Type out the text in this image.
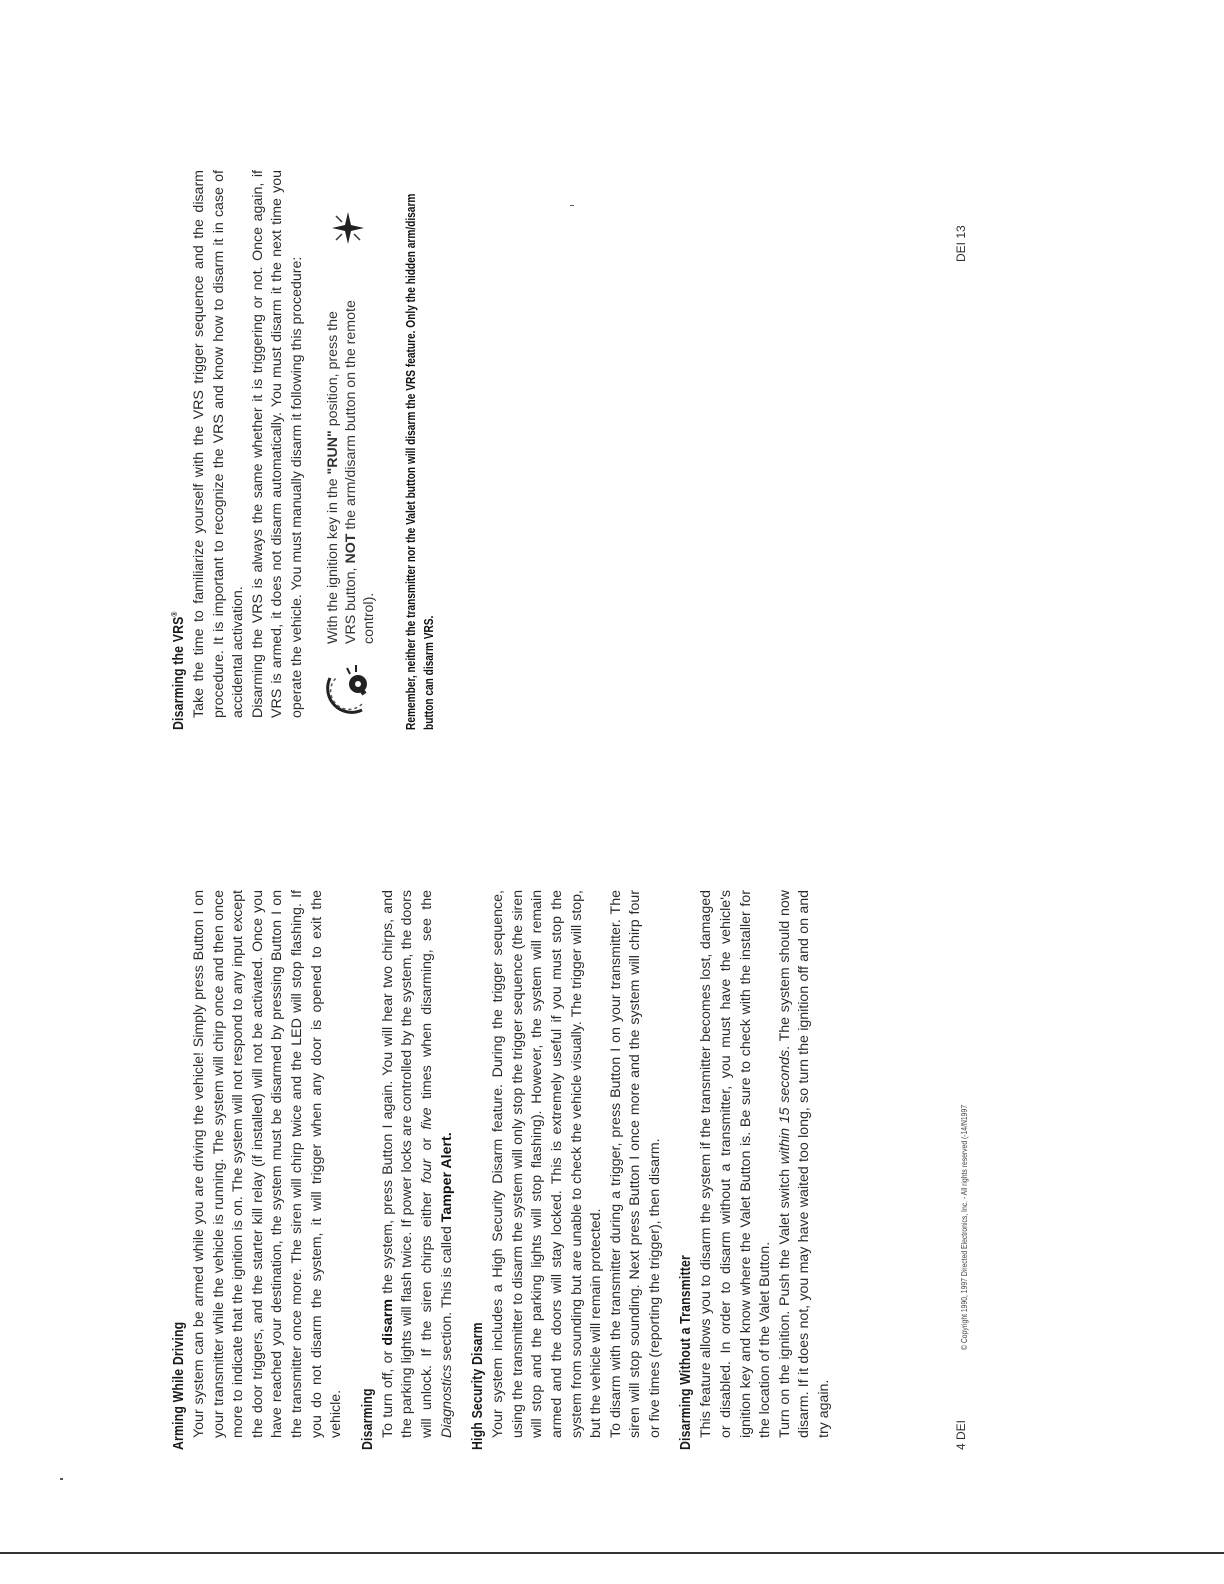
Arming While Driving Your system can be armed while you are driving the vehicle! Simply press Button I on your transmitter while the vehicle is running. The system will chirp once and then once more to indicate that the ignition is on. The system will not respond to any input except the door triggers, and the starter kill relay (if installed) will not be activated. Once you have reached your destination, the system must be disarmed by pressing Button I on the transmitter once more. The siren will chirp twice and the LED will stop flashing. If you do not disarm the system, it will trigger when any door is opened to exit the vehicle. Disarming To turn off, or disarm the system, press Button I again. You will hear two chirps, and the parking lights will flash twice. If power locks are controlled by the system, the doors will unlock. If the siren chirps either four or five times when disarming, see the Diagnostics section. This is called Tamper Alert.

High Security Disarm Your system includes a High Security Disarm feature. During the trigger sequence, using the transmitter to disarm the system will only stop the trigger sequence (the siren will stop and the parking lights will stop flashing). However, the system will remain armed and the doors will stay locked. This is extremely useful if you must stop the system from sounding but are unable to check the vehicle visually. The trigger will stop, but the vehicle will remain protected. To disarm with the transmitter during a trigger, press Button I on your transmitter. The siren will stop sounding. Next press Button I once more and the system will chirp four or five times (reporting the trigger), then disarm. Disarming Without a Transmitter This feature allows you to disarm the system if the transmitter becomes lost, damaged or disabled. In order to disarm without a transmitter, you must have the vehicle's ignition key and know where the Valet Button is. Be sure to check with the installer for the location of the Valet Button. Turn on the ignition. Push the Valet switch within 15 seconds. The system should now disarm. If it does not, you may have waited too long, so turn the ignition off and on and try again.	4 DEI
© Copyright 1990, 1997 Directed Electronics, Inc. - All rights reserved (-14/N1997
Disarming the VRS® Take the time to familiarize yourself with the VRS trigger sequence and the disarm procedure. It is important to recognize the VRS and know how to disarm it in case of accidental activation. Disarming the VRS is always the same whether it is triggering or not. Once again, if VRS is armed, it does not disarm automatically. You must disarm it the next time you operate the vehicle. You must manually disarm it following this procedure: With the ignition key in the "RUN" position, press the VRS button, NOT the arm/disarm button on the remote control). Remember, neither the transmitter nor the Valet button will disarm the VRS feature. Only the hidden arm/disarm button can disarm VRS.

DEI 13
